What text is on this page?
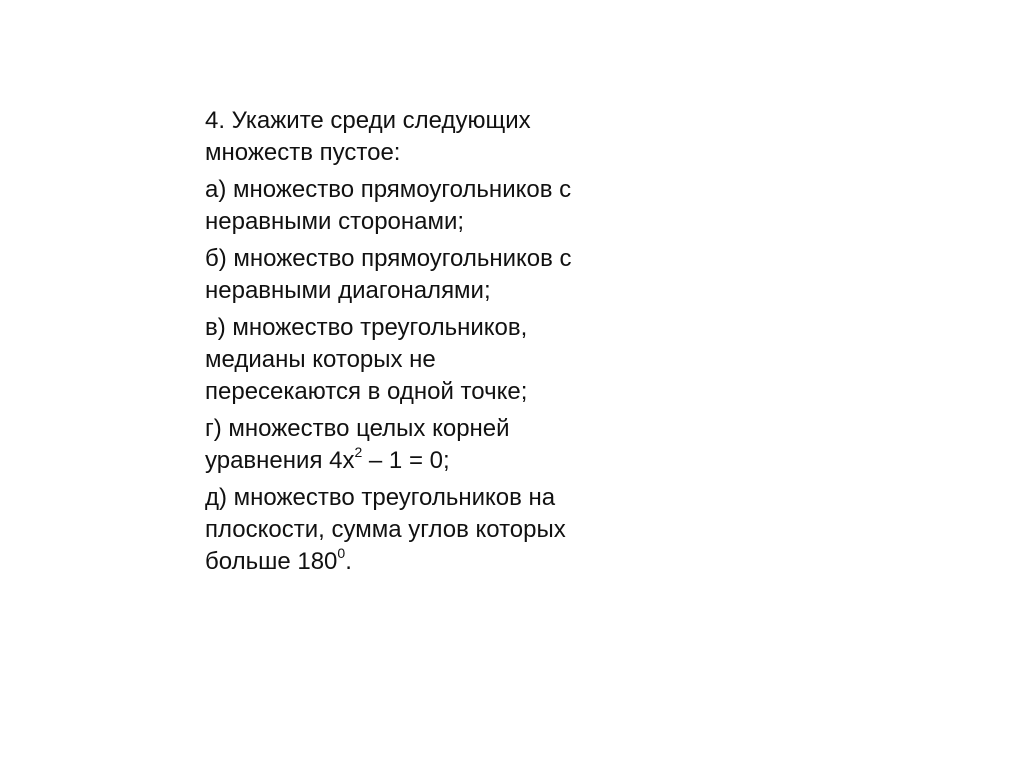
4. Укажите среди следующих
множеств пустое:

а) множество прямоугольников с
неравными сторонами;

б) множество прямоугольников с
неравными диагоналями;

в) множество треугольников,
медианы которых не
пересекаются в одной точке;

г) множество целых корней
уравнения $4x^2 - 1 = 0$;

д) множество треугольников на
плоскости, сумма углов которых
больше $180^0$.
